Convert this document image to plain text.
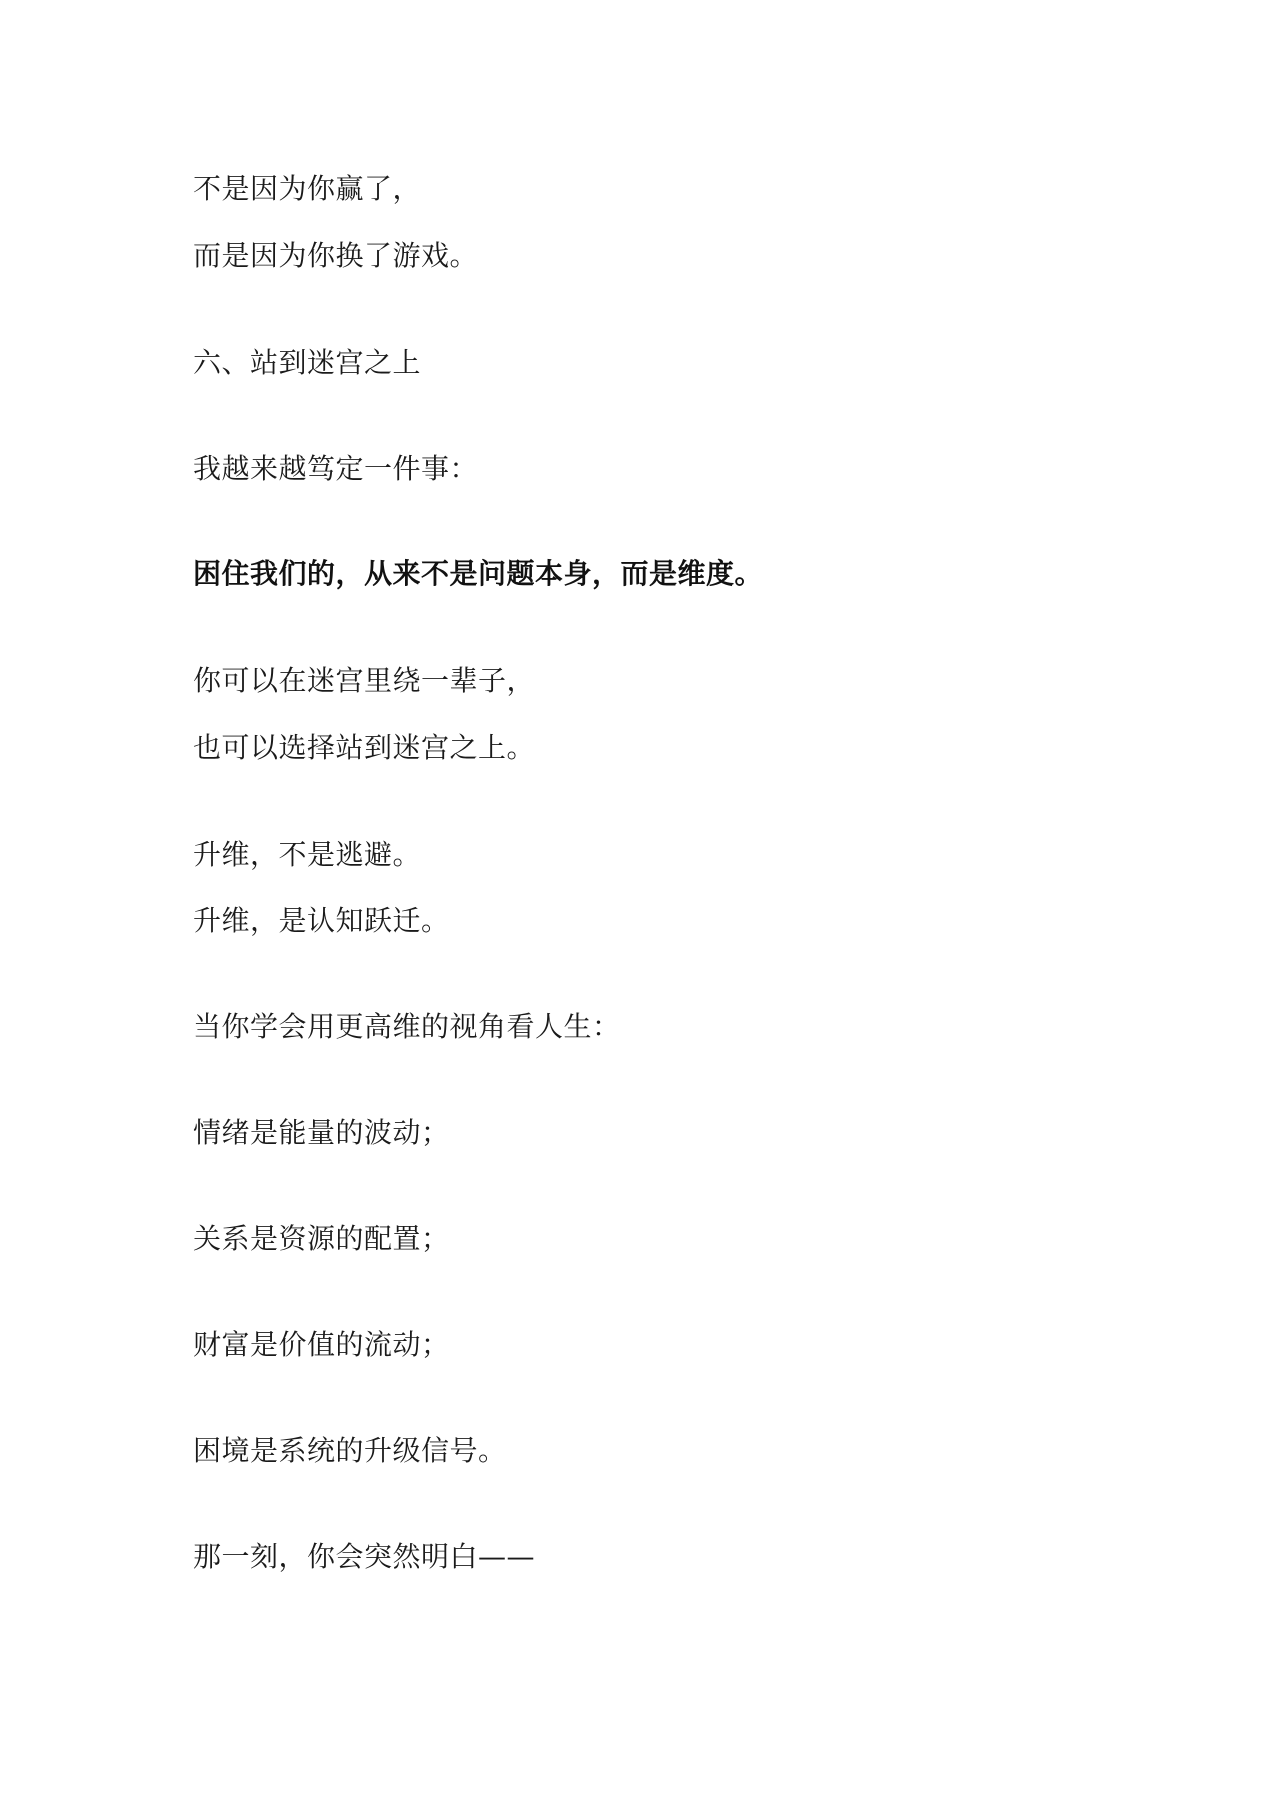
不是因为你赢了，
而是因为你换了游戏。
六、站到迷宫之上
我越来越笃定一件事：
困住我们的，从来不是问题本身，而是维度。
你可以在迷宫里绕一辈子，
也可以选择站到迷宫之上。
升维，不是逃避。
升维，是认知跃迁。
当你学会用更高维的视角看人生：
情绪是能量的波动；
关系是资源的配置；
财富是价值的流动；
困境是系统的升级信号。
那一刻，你会突然明白——
